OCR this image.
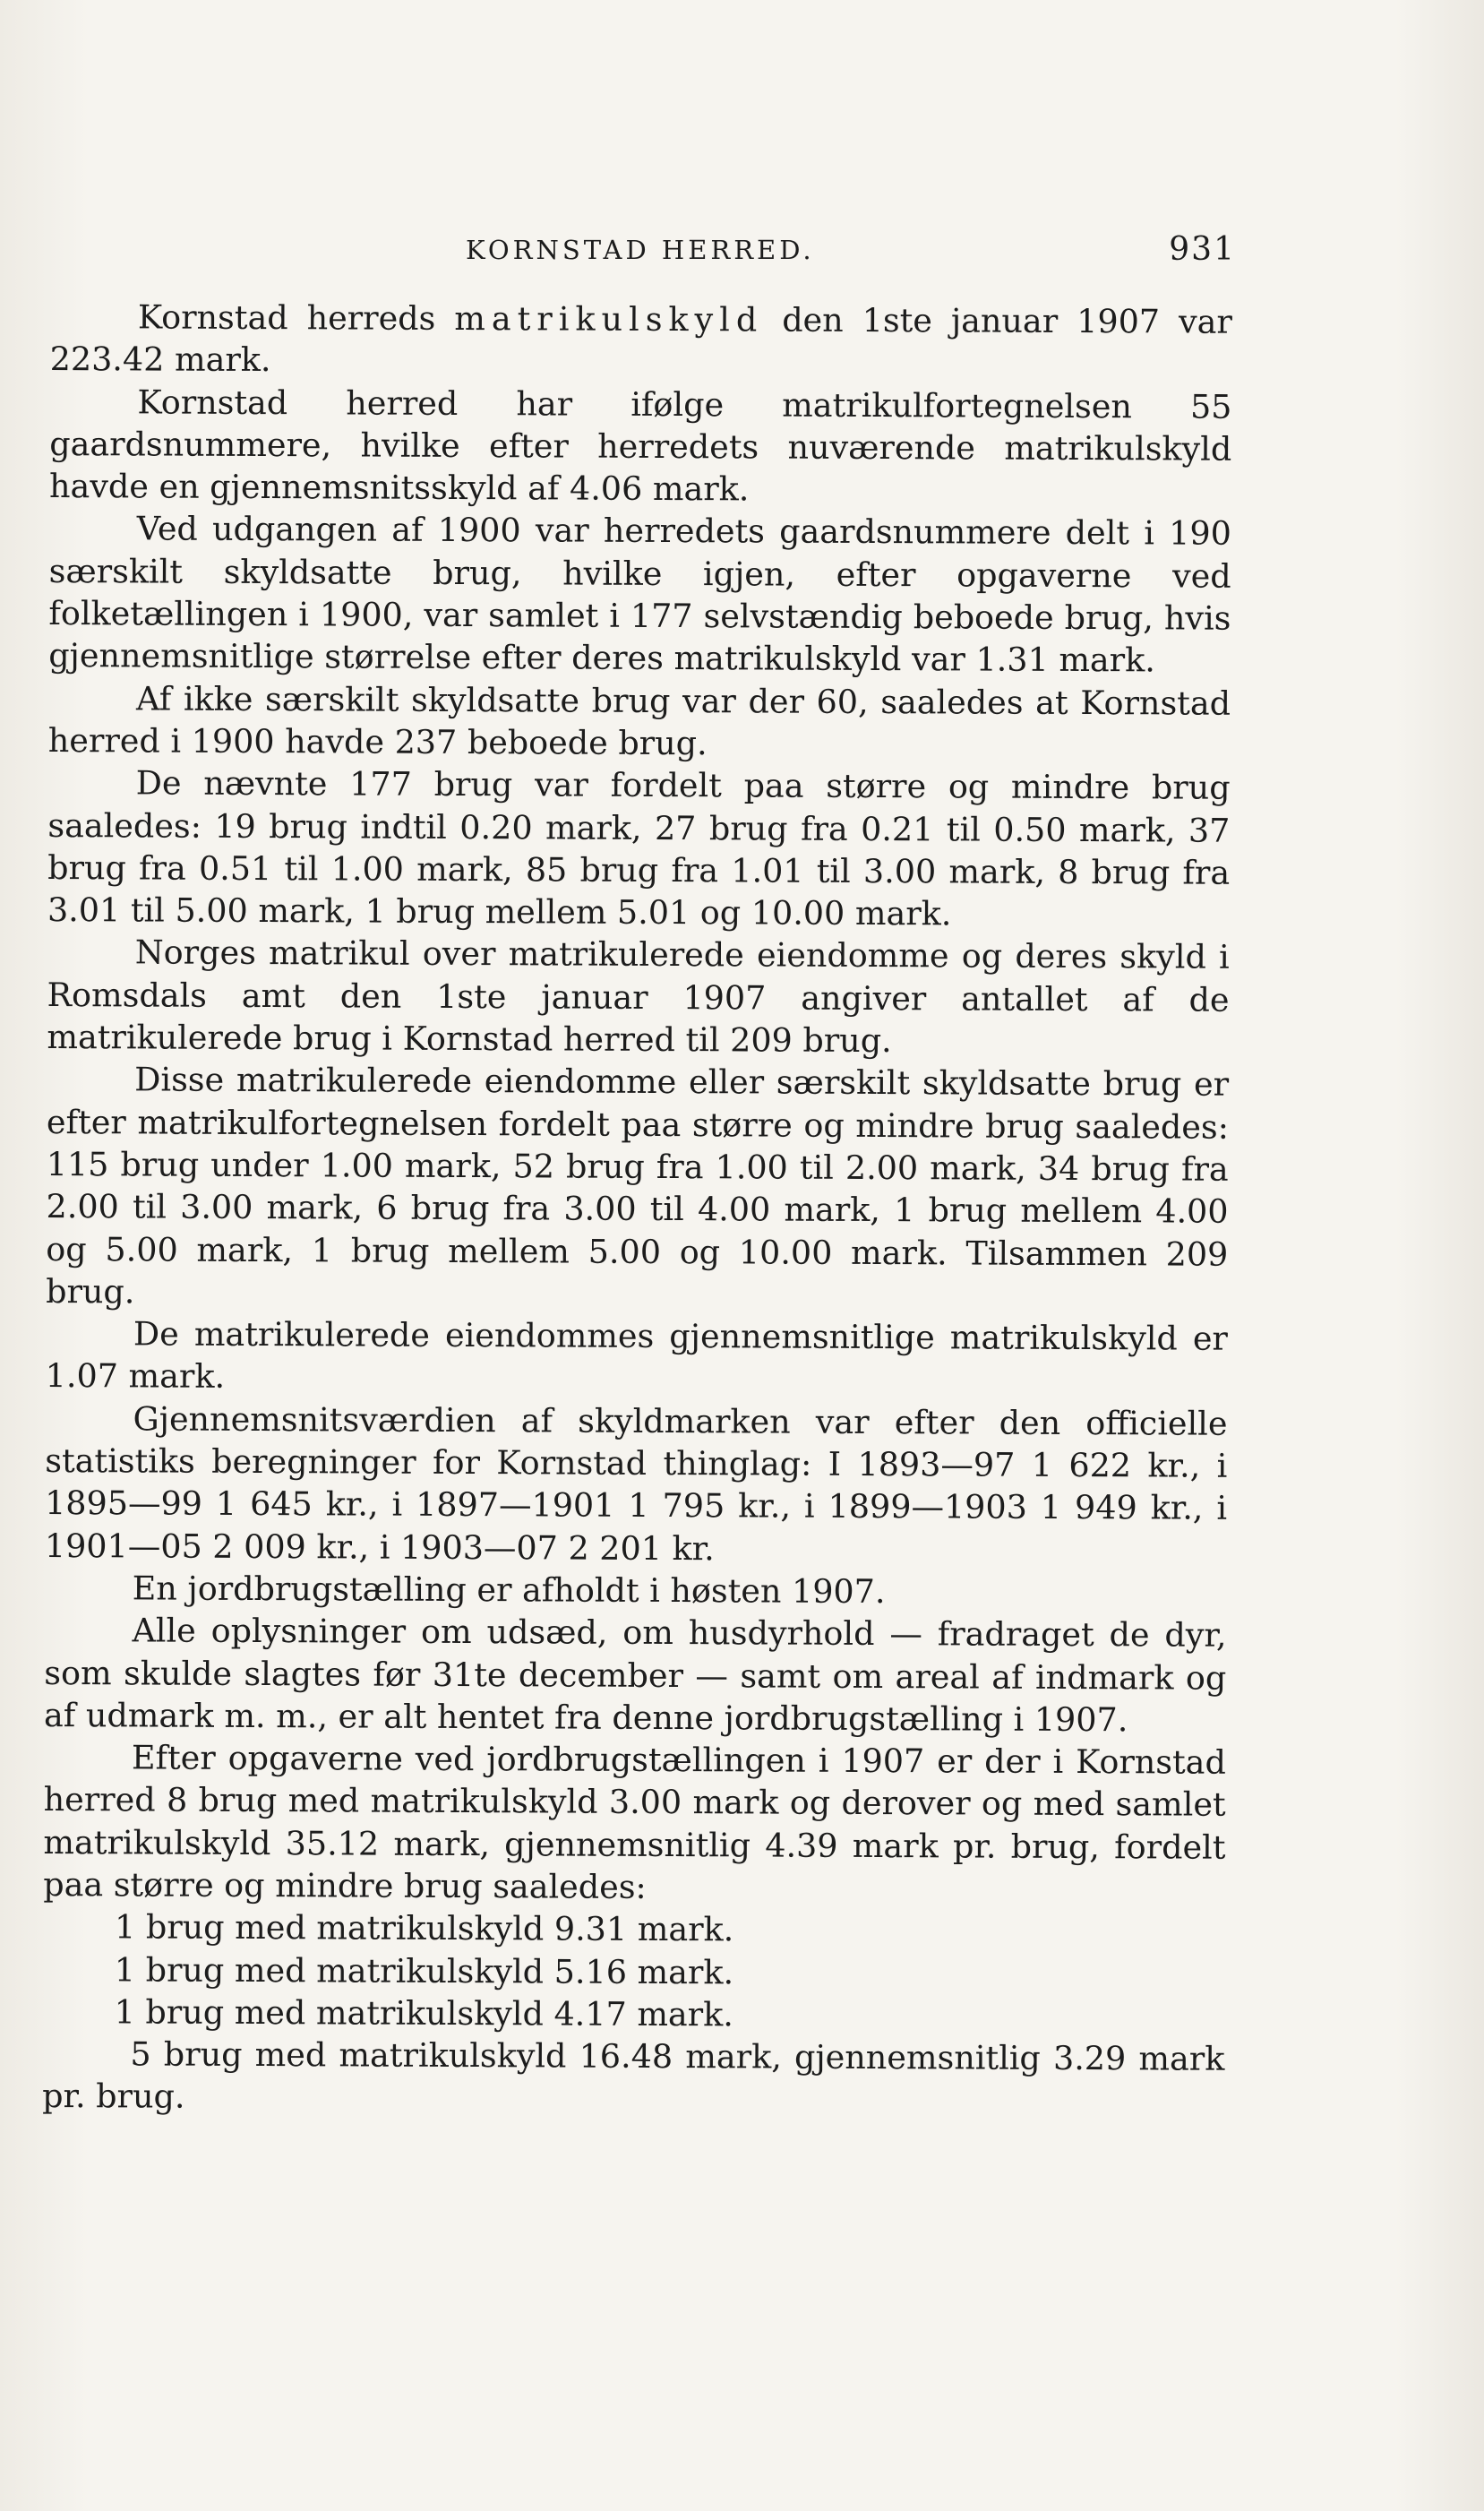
KORNSTAD HERRED.	931

Kornstad herreds matrikulskyld den 1ste januar 1907 var 223.42 mark.

Kornstad herred har ifølge matrikulfortegnelsen 55 gaardsnummere, hvilke efter herredets nuværende matrikulskyld havde en gjennemsnitsskyld af 4.06 mark.

Ved udgangen af 1900 var herredets gaardsnummere delt i 190 særskilt skyldsatte brug, hvilke igjen, efter opgaverne ved folketællingen i 1900, var samlet i 177 selvstændig beboede brug, hvis gjennemsnitlige størrelse efter deres matrikulskyld var 1.31 mark.

Af ikke særskilt skyldsatte brug var der 60, saaledes at Kornstad herred i 1900 havde 237 beboede brug.

De nævnte 177 brug var fordelt paa større og mindre brug saaledes: 19 brug indtil 0.20 mark, 27 brug fra 0.21 til 0.50 mark, 37 brug fra 0.51 til 1.00 mark, 85 brug fra 1.01 til 3.00 mark, 8 brug fra 3.01 til 5.00 mark, 1 brug mellem 5.01 og 10.00 mark.

Norges matrikul over matrikulerede eiendomme og deres skyld i Romsdals amt den 1ste januar 1907 angiver antallet af de matrikulerede brug i Kornstad herred til 209 brug.

Disse matrikulerede eiendomme eller særskilt skyldsatte brug er efter matrikulfortegnelsen fordelt paa større og mindre brug saaledes: 115 brug under 1.00 mark, 52 brug fra 1.00 til 2.00 mark, 34 brug fra 2.00 til 3.00 mark, 6 brug fra 3.00 til 4.00 mark, 1 brug mellem 4.00 og 5.00 mark, 1 brug mellem 5.00 og 10.00 mark. Tilsammen 209 brug.

De matrikulerede eiendommes gjennemsnitlige matrikulskyld er 1.07 mark.

Gjennemsnitsværdien af skyldmarken var efter den officielle statistiks beregninger for Kornstad thinglag: I 1893—97 1 622 kr., i 1895—99 1 645 kr., i 1897—1901 1 795 kr., i 1899—1903 1 949 kr., i 1901—05 2 009 kr., i 1903—07 2 201 kr.

En jordbrugstælling er afholdt i høsten 1907.

Alle oplysninger om udsæd, om husdyrhold — fradraget de dyr, som skulde slagtes før 31te december — samt om areal af indmark og af udmark m. m., er alt hentet fra denne jordbrugstælling i 1907.

Efter opgaverne ved jordbrugstællingen i 1907 er der i Kornstad herred 8 brug med matrikulskyld 3.00 mark og derover og med samlet matrikulskyld 35.12 mark, gjennemsnitlig 4.39 mark pr. brug, fordelt paa større og mindre brug saaledes:

1 brug med matrikulskyld 9.31 mark.

1 brug med matrikulskyld 5.16 mark.

1 brug med matrikulskyld 4.17 mark.

5 brug med matrikulskyld 16.48 mark, gjennemsnitlig 3.29 mark pr. brug.
